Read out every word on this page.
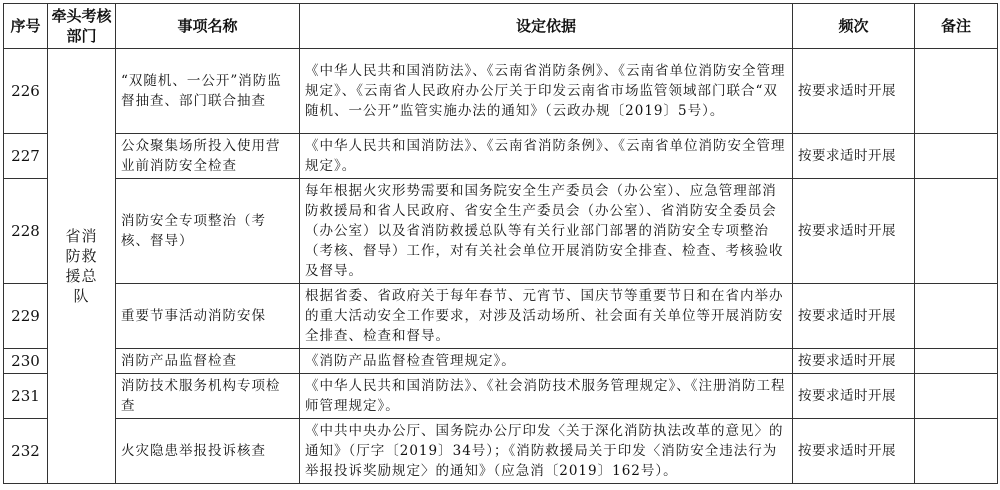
序号	牵头考核部门	事项名称	设定依据	频次	备注
226	省消防救援总队	“双随机、一公开”消防监督抽查、部门联合抽查	《中华人民共和国消防法》、《云南省消防条例》、《云南省单位消防安全管理规定》、《云南省人民政府办公厅关于印发云南省市场监管领域部门联合“双随机、一公开”监管实施办法的通知》（云政办规〔2019〕5号）。	按要求适时开展	
227		公众聚集场所投入使用营业前消防安全检查	《中华人民共和国消防法》、《云南省消防条例》、《云南省单位消防安全管理规定》。	按要求适时开展	
228		消防安全专项整治（考核、督导）	每年根据火灾形势需要和国务院安全生产委员会（办公室）、应急管理部消防救援局和省人民政府、省安全生产委员会（办公室）、省消防安全委员会（办公室）以及省消防救援总队等有关行业部门部署的消防安全专项整治（考核、督导）工作，对有关社会单位开展消防安全排查、检查、考核验收及督导。	按要求适时开展	
229		重要节事活动消防安保	根据省委、省政府关于每年春节、元宵节、国庆节等重要节日和在省内举办的重大活动安全工作要求，对涉及活动场所、社会面有关单位等开展消防安全排查、检查和督导。	按要求适时开展	
230		消防产品监督检查	《消防产品监督检查管理规定》。	按要求适时开展	
231		消防技术服务机构专项检查	《中华人民共和国消防法》、《社会消防技术服务管理规定》、《注册消防工程师管理规定》。	按要求适时开展	
232		火灾隐患举报投诉核查	《中共中央办公厅、国务院办公厅印发〈关于深化消防执法改革的意见〉的通知》（厅字〔2019〕34号）；《消防救援局关于印发〈消防安全违法行为举报投诉奖励规定〉的通知》（应急消〔2019〕162号）。	按要求适时开展	
